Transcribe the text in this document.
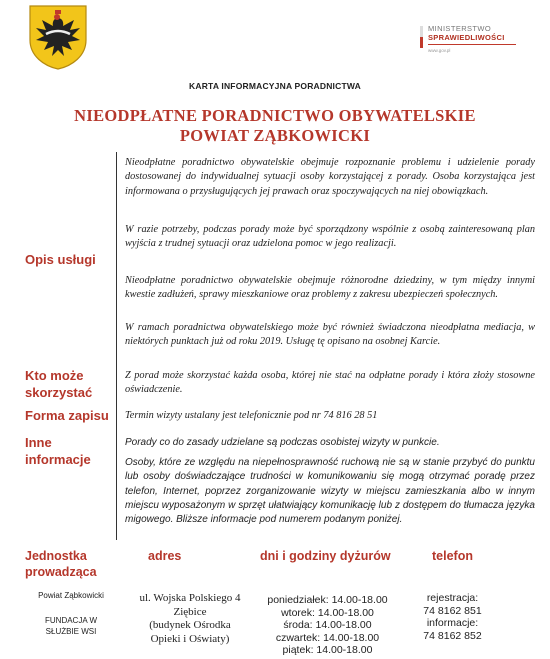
MINISTERSTWO
SPRAWIEDLIWOŚCI
www.gov.pl
KARTA INFORMACYJNA PORADNICTWA
NIEODPŁATNE PORADNICTWO OBYWATELSKIE
POWIAT ZĄBKOWICKI
Opis usługi
Nieodpłatne poradnictwo obywatelskie obejmuje rozpoznanie problemu i udzielenie porady dostosowanej do indywidualnej sytuacji osoby korzystającej z porady. Osoba korzystająca jest informowana o przysługujących jej prawach oraz spoczywających na niej obowiązkach.
W razie potrzeby, podczas porady może być sporządzony wspólnie z osobą zainteresowaną plan wyjścia z trudnej sytuacji oraz udzielona pomoc w jego realizacji.
Nieodpłatne poradnictwo obywatelskie obejmuje różnorodne dziedziny, w tym między innymi kwestie zadłużeń, sprawy mieszkaniowe oraz problemy z zakresu ubezpieczeń społecznych.
W ramach poradnictwa obywatelskiego może być również świadczona nieodpłatna mediacja, w niektórych punktach już od roku 2019. Usługę tę opisano na osobnej Karcie.
Kto może
skorzystać
Z porad może skorzystać każda osoba, której nie stać na odpłatne porady i która złoży stosowne oświadczenie.
Forma zapisu Termin wizyty ustalany jest telefonicznie pod nr 74 816 28 51
Inne
informacje
Porady co do zasady udzielane są podczas osobistej wizyty w punkcie.
Osoby, które ze względu na niepełnosprawność ruchową nie są w stanie przybyć do punktu lub osoby doświadczające trudności w komunikowaniu się mogą otrzymać poradę przez telefon, Internet, poprzez zorganizowanie wizyty w miejscu zamieszkania albo w innym miejscu wyposażonym w sprzęt ułatwiający komunikację lub z dostępem do tłumacza języka migowego. Bliższe informacje pod numerem podanym poniżej.
Jednostka
prowadząca
adres	dni i godziny dyżurów	telefon
Powiat Ząbkowicki
FUNDACJA W
SŁUŻBIE WSI
ul. Wojska Polskiego 4
Ziębice
(budynek Ośrodka
Opieki i Oświaty)
poniedziałek: 14.00-18.00
wtorek: 14.00-18.00
środa: 14.00-18.00
czwartek: 14.00-18.00
piątek: 14.00-18.00
rejestracja:
74 8162 851
informacje:
74 8162 852
